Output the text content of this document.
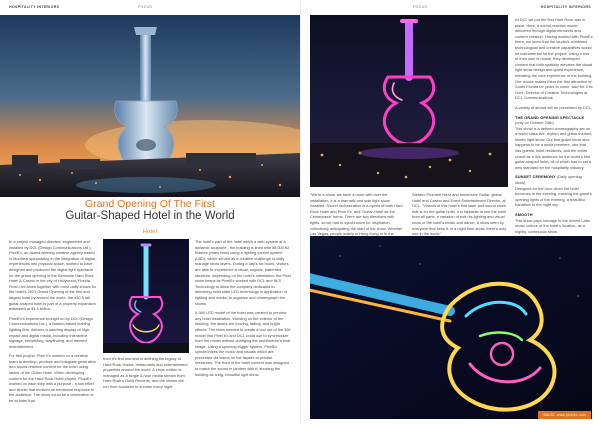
HOSPITALITY INTERIORS	FOCUS
Grand Opening Of The First
Guitar-Shaped Hotel in the World
Hotel

In a project managed directed, engineered and installed by DCL (Design Communications Ltd.), PixelEx, an award-winning creative agency based in Montreal specializing in the integration of digital experiences into physical space, worked to have designed and produced the digital light spectacle for the grand opening of the Seminole Hard Rock Hotel & Casino in the city of Hollywood, Florida. Final Live-show together with more daily shows for the hotel's 2021 Grand Opening of the first and largest hotel by around the world, the 450 ft tall guitar-shaped hotel is part of a property expansion estimated at $1.5 billion.

PixelEx's experience brought on by DCL (Design Communications Ltd.), a Boston-based leading lighting firm, delivers a dazzling display of high-impact and digital media, including interactive signage, storytelling, wayfinding, and themed entertainment.

For this project, Pixel Ex worked on a creative team to develop, produce and integrate generative and sound-reactive content for the hotel using lasers of the Guitar Hotel. When developing content for the Hard Rock Hotel project, PixelEx worked on each step with a purpose - a low effort and kinetic that evolved as emotional response to the audience. The show could be a celebration to be at hotel that

from it's first moment in defining the legacy of Hard Rock Hotels, restaurants and entertainment properties around the world. A show written is managed as a single 3-hour media stream from Hard Rock's Guild Records, and the shows will run from sundown to sunrise every night.

The hotel's part of the hotel which a web-system at a dynamic sculpture - the building is lined with 58,000 ft2 fixtures (video bars) using a lighting control system (LBD), which served as a creative challenge to daily manage show layers. During a day's six hours, visitors are able to experience a visual, organic, patterned structure, depending on the hotel's orientation: the Pixel show keeps its PixelEx worked with DCL and NLS Technology to allow the company dedicated to delivering solid state LED technology in application of lighting and media, to organize and choreograph the shows.

A 360 LED model of the hotel was created to preview any hotel installation. Working on the exterior of the building, the lasers are moving, fading, and bright effects. The team needed to create a tool out of the 360 model that Pixel Ex and DCL could use to synchronize from the model without changing the architecture's final image. Using a spinning trigger system, PixelEx synchronizes the music and visuals which are presented via lasers on the façade at precise measures. The front of the hotel content was designed to match the sound in tandem with it, showing the building as a big, beautiful light show.

FOCUS	HOSPITALITY INTERIORS

At DCL we put the first Hard Rock was in place. Here, a sound-reactive model delivered through digital elements and content creation. Having worked with PixelEx there, we knew that the studio's combined technological and creative capabilities would be instrumental for the project. Using a bus of their own in-house, they developed content that both spatially elevates the visual light show design and guest experience, elevating the core experience of the building. Our choice makes them the first attraction of South Florida for years to come, said Mr. Eric Gore, Director of Creative Technologies at DCL Communications.

A variety of shows will be presented by DCL:

THE GRAND OPENING SPECTACLE (only on October 24th)
This show is a defined choreography set on a world-class live, rhythm and guitar-themed, kinetic light show. Our first guitar show also happens to be a world premiere, one that has guests, hotel residents, and the entire crowd as a live audience for the world's first guitar-shaped hotel, all of which had to set a new standard for the hospitality industry.

SUNSET CEREMONY (Daily opening show)
Designed for the hour when the hotel becomes in the evening, marking the guest's opening lights of the evening, a beautiful transition to the night sky.

SMOOTH
This show pays homage to the richest Latin music culture of the hotel's location, as a nightly, continuous show.

"We're a show, we have a room with over the installation, it is a dramatic and sole light show installed. Sound orchestration is a hybrid of both Hard Rock Hotel and Pixel Ex, and 'Guitar-Hotel as the Centerpiece' forms. There are two directions with lights, so we had to synchronize for inspiration, collectively anticipating the start of the show. Whether Las Vegas, people widely in Hong Kong or in the

Stefano Prunnett Nezz and Immersive Guitar, global Hotel and Casino and Event Entertainment Director, at DCL. "Visitors of this hotel's first laser and sound show that is for the guitar hotel. It is fantastic to see the hotel from all parts, a variation of both its lighting and visual show of the hotel's music and dance, a show seen by everyone that sees it, in a night time show, there's only one in the world."

IMAGE: www.pixelex.com
